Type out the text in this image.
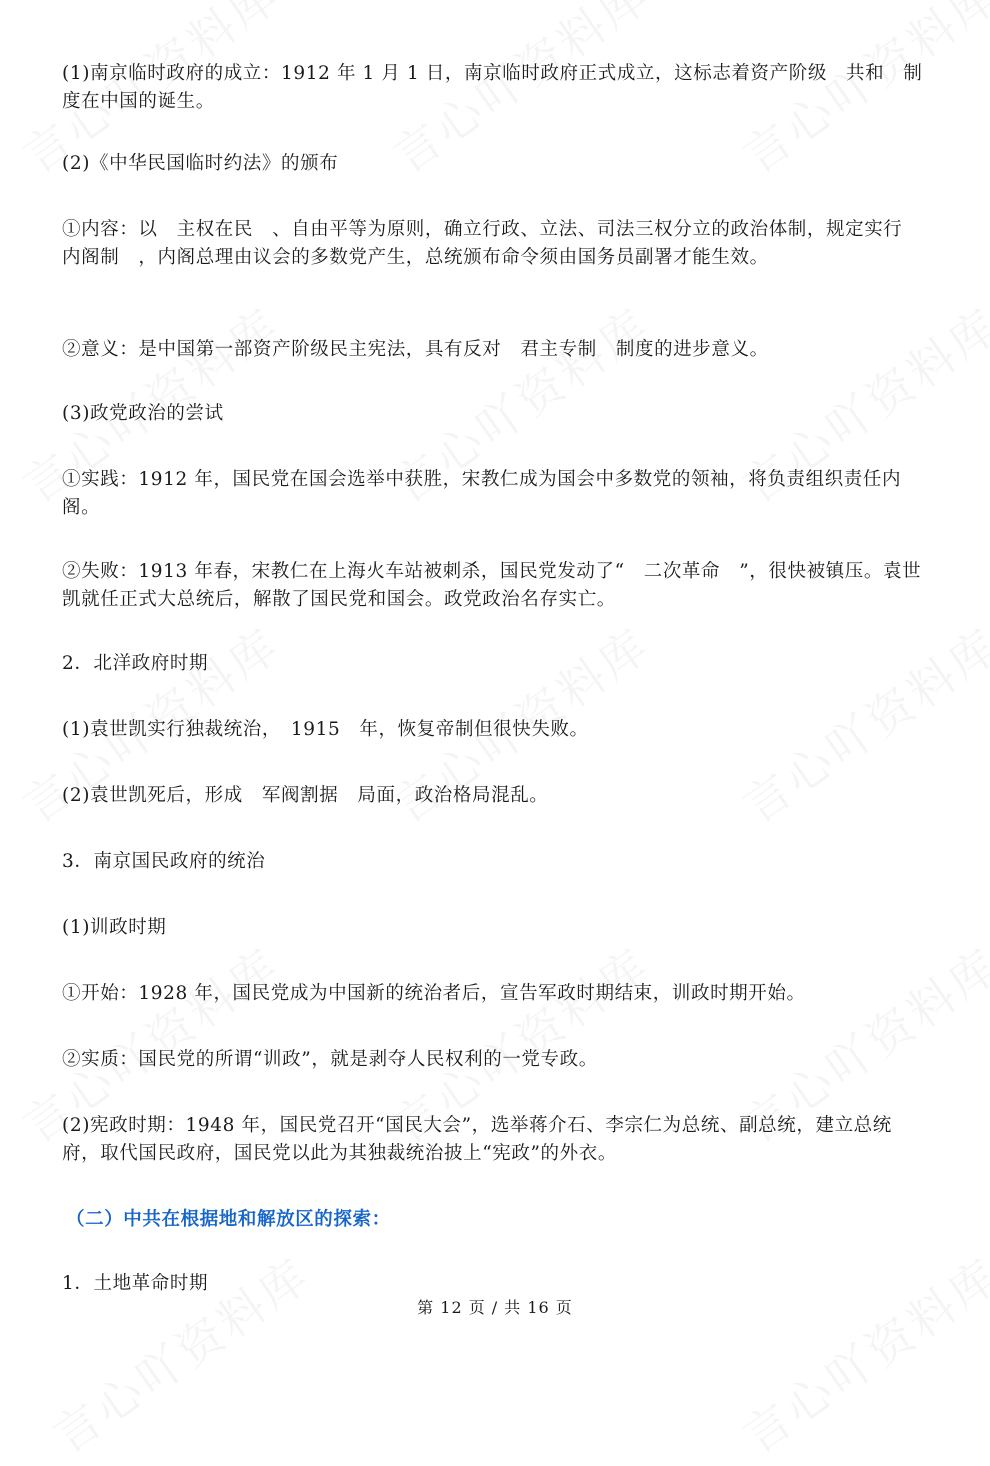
(1)南京临时政府的成立：1912 年 1 月 1 日，南京临时政府正式成立，这标志着资产阶级　共和　制度在中国的诞生。

(2)《中华民国临时约法》的颁布

①内容：以　主权在民　、自由平等为原则，确立行政、立法、司法三权分立的政治体制，规定实行　内阁制　，内阁总理由议会的多数党产生，总统颁布命令须由国务员副署才能生效。

②意义：是中国第一部资产阶级民主宪法，具有反对　君主专制　制度的进步意义。

(3)政党政治的尝试

①实践：1912 年，国民党在国会选举中获胜，宋教仁成为国会中多数党的领袖，将负责组织责任内阁。

②失败：1913 年春，宋教仁在上海火车站被刺杀，国民党发动了“　二次革命　”，很快被镇压。袁世凯就任正式大总统后，解散了国民党和国会。政党政治名存实亡。

2．北洋政府时期

(1)袁世凯实行独裁统治，　1915　年，恢复帝制但很快失败。

(2)袁世凯死后，形成　军阀割据　局面，政治格局混乱。

3．南京国民政府的统治

(1)训政时期

①开始：1928 年，国民党成为中国新的统治者后，宣告军政时期结束，训政时期开始。

②实质：国民党的所谓“训政”，就是剥夺人民权利的一党专政。

(2)宪政时期：1948 年，国民党召开“国民大会”，选举蒋介石、李宗仁为总统、副总统，建立总统府，取代国民政府，国民党以此为其独裁统治披上“宪政”的外衣。

（二）中共在根据地和解放区的探索：

1．土地革命时期

第 12 页 / 共 16 页
